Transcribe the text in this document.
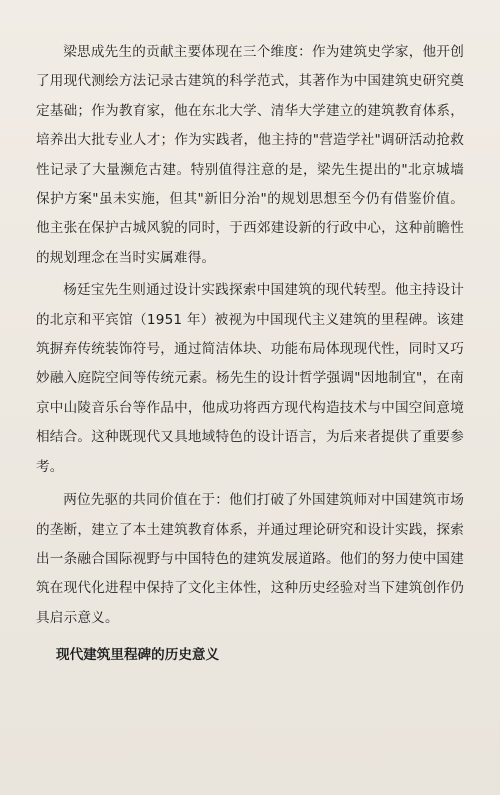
梁思成先生的贡献主要体现在三个维度：作为建筑史学家，他开创了用现代测绘方法记录古建筑的科学范式，其著作为中国建筑史研究奠定基础；作为教育家，他在东北大学、清华大学建立的建筑教育体系，培养出大批专业人才；作为实践者，他主持的"营造学社"调研活动抢救性记录了大量濒危古建。特别值得注意的是，梁先生提出的"北京城墙保护方案"虽未实施，但其"新旧分治"的规划思想至今仍有借鉴价值。他主张在保护古城风貌的同时，于西郊建设新的行政中心，这种前瞻性的规划理念在当时实属难得。

杨廷宝先生则通过设计实践探索中国建筑的现代转型。他主持设计的北京和平宾馆（1951 年）被视为中国现代主义建筑的里程碑。该建筑摒弃传统装饰符号，通过简洁体块、功能布局体现现代性，同时又巧妙融入庭院空间等传统元素。杨先生的设计哲学强调"因地制宜"，在南京中山陵音乐台等作品中，他成功将西方现代构造技术与中国空间意境相结合。这种既现代又具地域特色的设计语言，为后来者提供了重要参考。

两位先驱的共同价值在于：他们打破了外国建筑师对中国建筑市场的垄断，建立了本土建筑教育体系，并通过理论研究和设计实践，探索出一条融合国际视野与中国特色的建筑发展道路。他们的努力使中国建筑在现代化进程中保持了文化主体性，这种历史经验对当下建筑创作仍具启示意义。

现代建筑里程碑的历史意义
